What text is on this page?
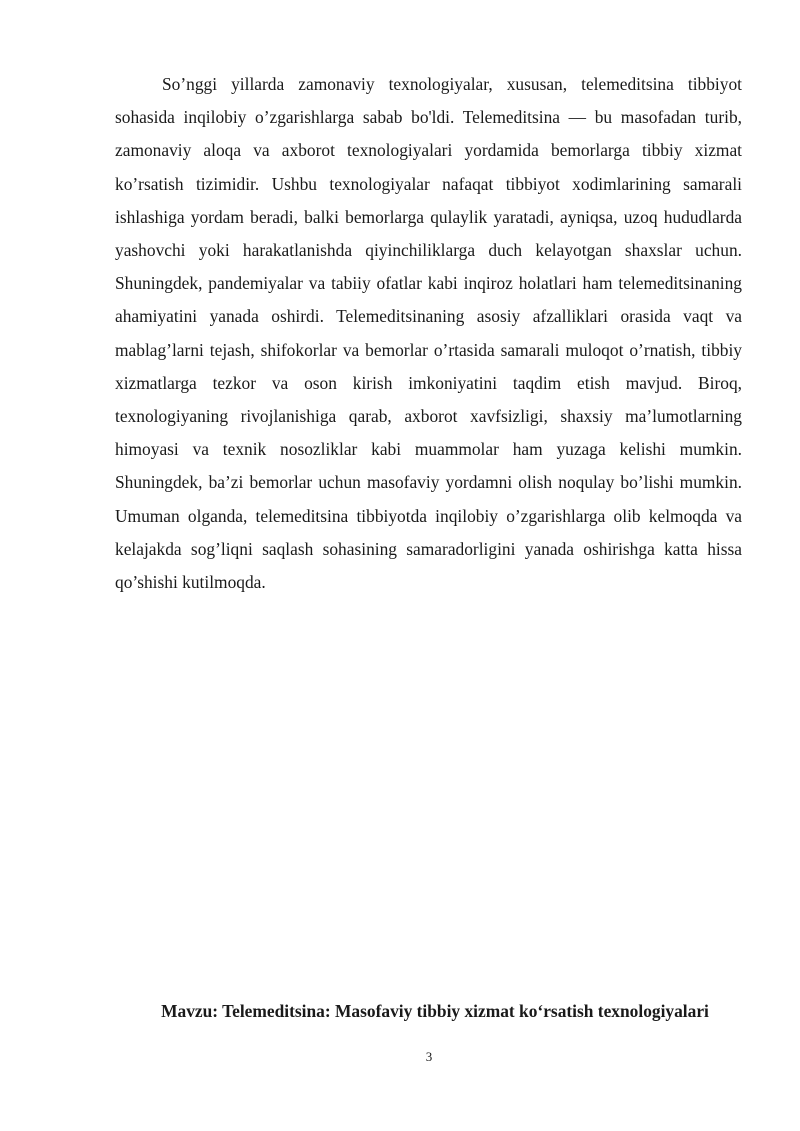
So’nggi yillarda zamonaviy texnologiyalar, xususan, telemeditsina tibbiyot sohasida inqilobiy o’zgarishlarga sabab bo'ldi. Telemeditsina — bu masofadan turib, zamonaviy aloqa va axborot texnologiyalari yordamida bemorlarga tibbiy xizmat ko’rsatish tizimidir. Ushbu texnologiyalar nafaqat tibbiyot xodimlarining samarali ishlashiga yordam beradi, balki bemorlarga qulaylik yaratadi, ayniqsa, uzoq hududlarda yashovchi yoki harakatlanishda qiyinchiliklarga duch kelayotgan shaxslar uchun. Shuningdek, pandemiyalar va tabiiy ofatlar kabi inqiroz holatlari ham telemeditsinaning ahamiyatini yanada oshirdi. Telemeditsinaning asosiy afzalliklari orasida vaqt va mablag’larni tejash, shifokorlar va bemorlar o’rtasida samarali muloqot o’rnatish, tibbiy xizmatlarga tezkor va oson kirish imkoniyatini taqdim etish mavjud. Biroq, texnologiyaning rivojlanishiga qarab, axborot xavfsizligi, shaxsiy ma’lumotlarning himoyasi va texnik nosozliklar kabi muammolar ham yuzaga kelishi mumkin. Shuningdek, ba’zi bemorlar uchun masofaviy yordamni olish noqulay bo’lishi mumkin. Umuman olganda, telemeditsina tibbiyotda inqilobiy o’zgarishlarga olib kelmoqda va kelajakda sog’liqni saqlash sohasining samaradorligini yanada oshirishga katta hissa qo’shishi kutilmoqda.

Mavzu: Telemeditsina: Masofaviy tibbiy xizmat ko‘rsatish texnologiyalari

3
